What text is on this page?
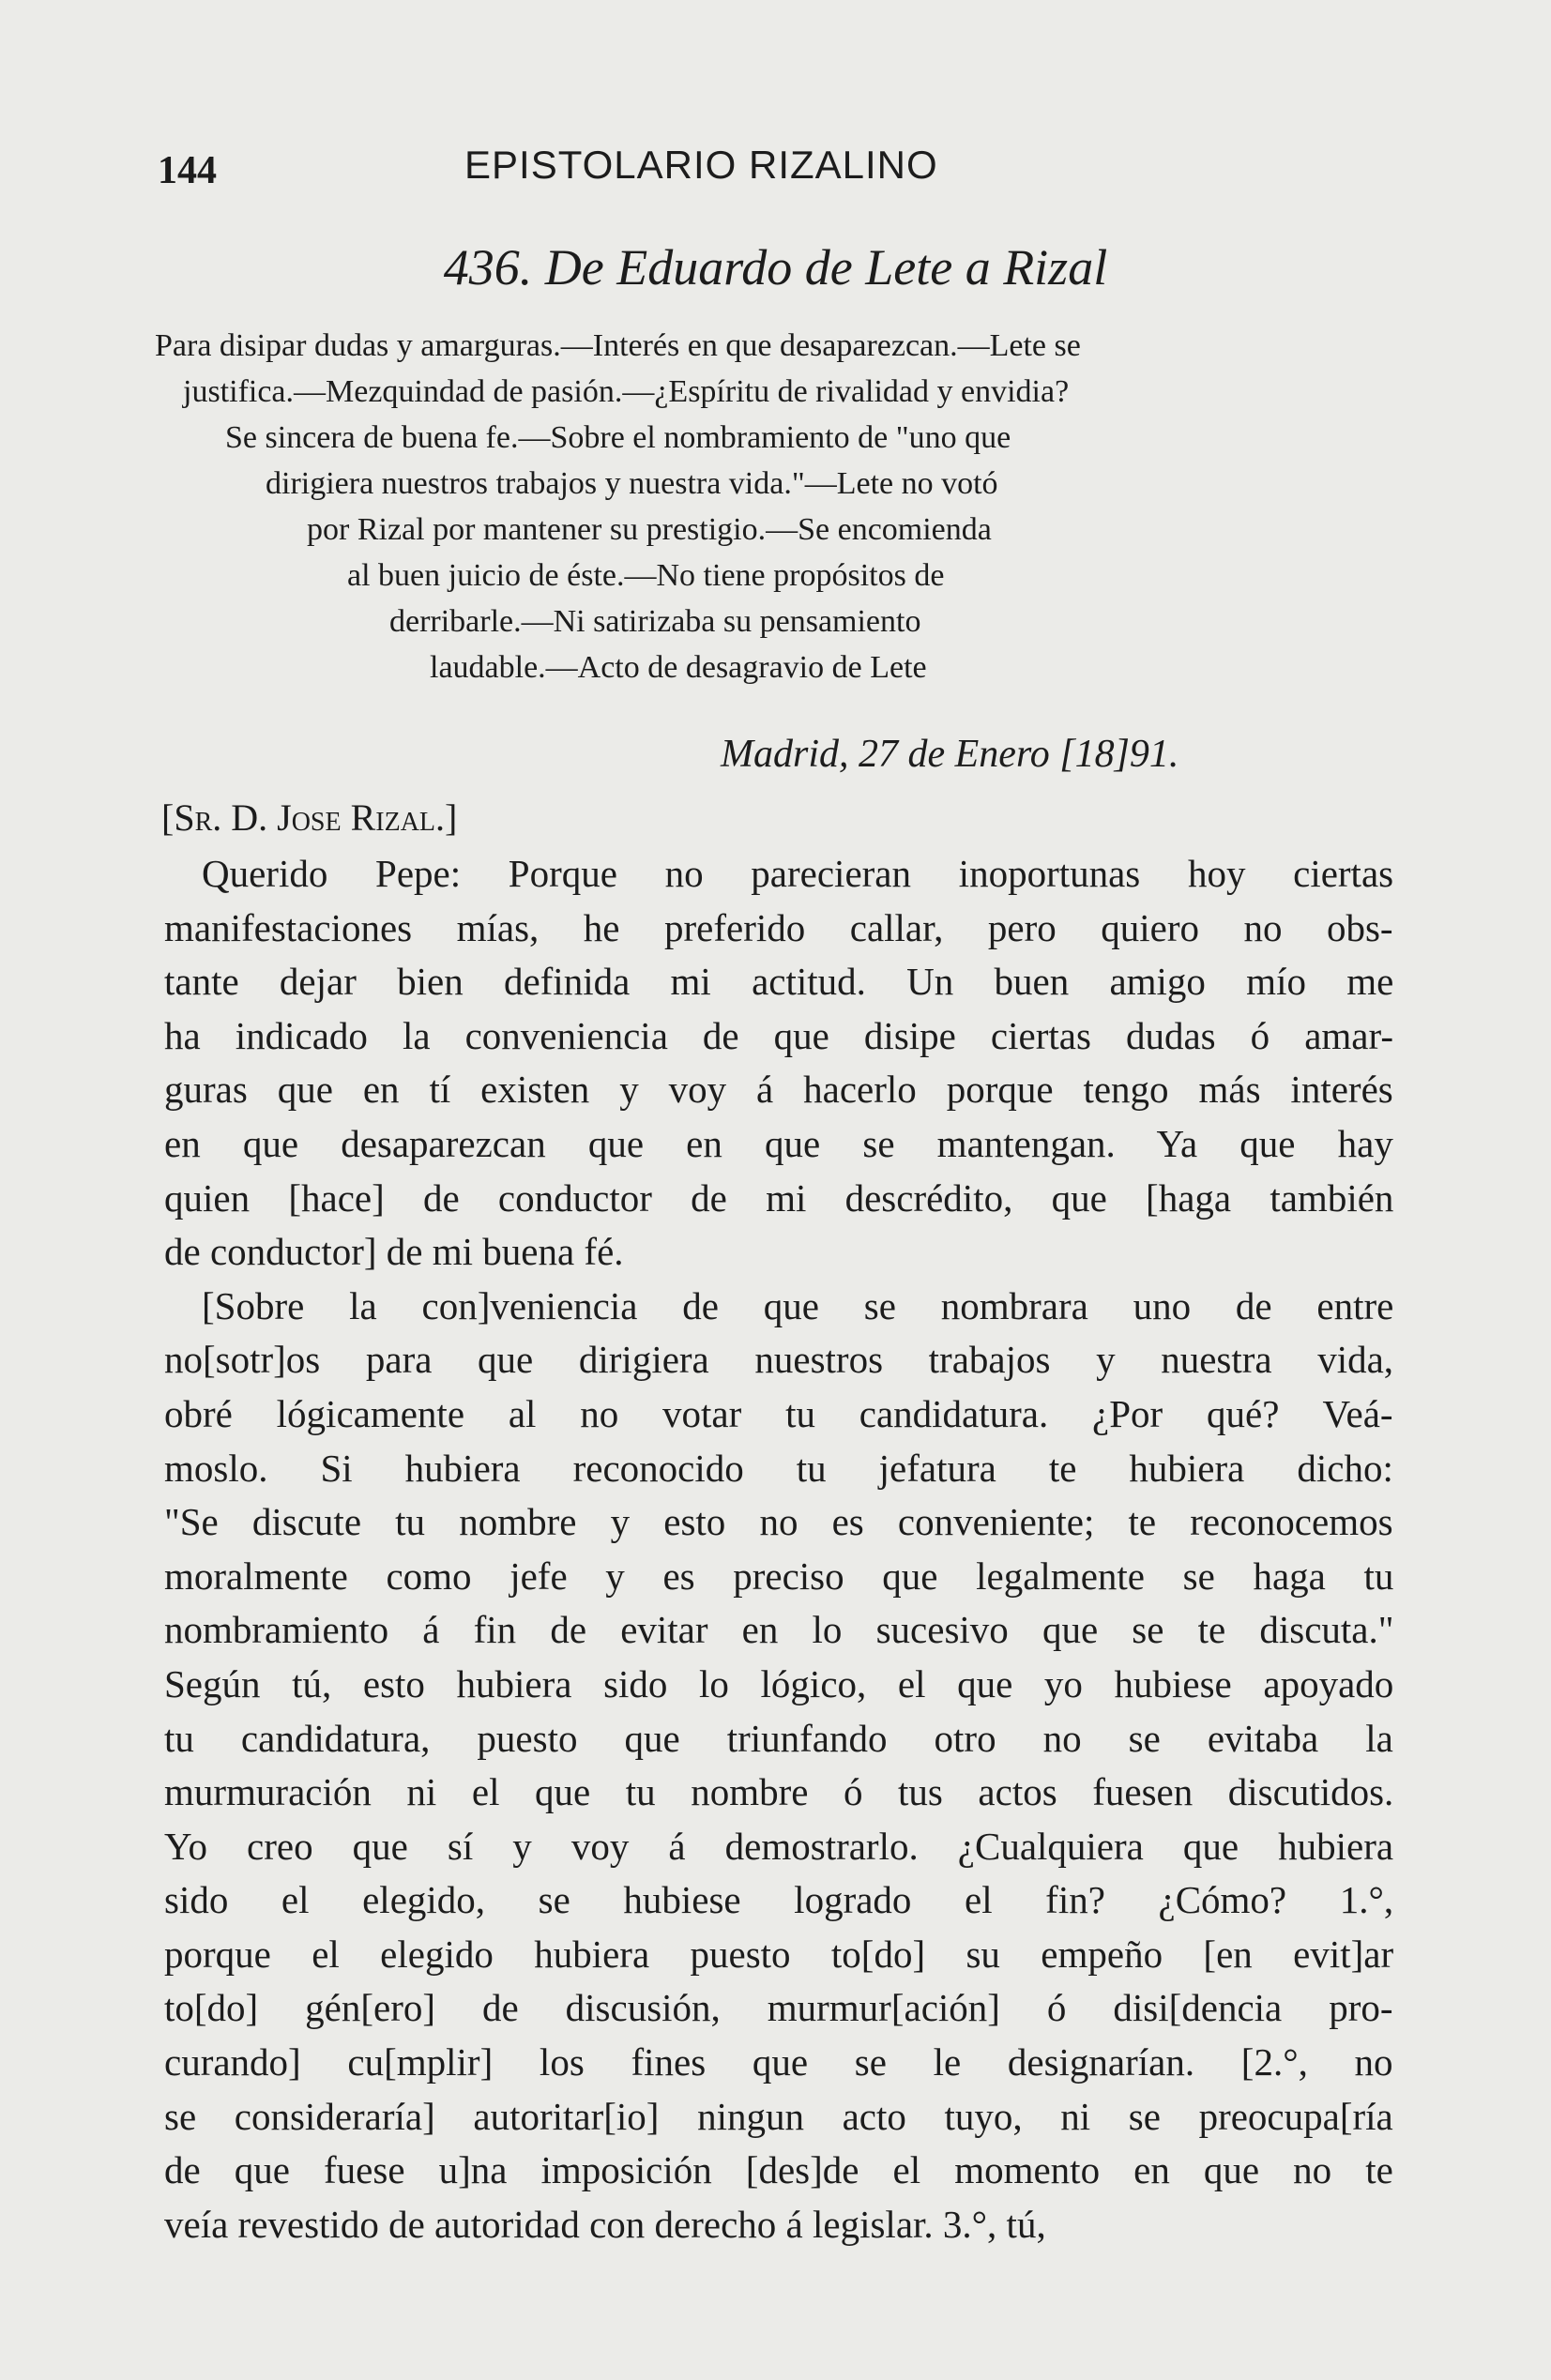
144	EPISTOLARIO RIZALINO
436. De Eduardo de Lete a Rizal
Para disipar dudas y amarguras.—Interés en que desaparezcan.—Lete se
justifica.—Mezquindad de pasión.—¿Espíritu de rivalidad y envidia?
Se sincera de buena fe.—Sobre el nombramiento de "uno que
dirigiera nuestros trabajos y nuestra vida."—Lete no votó
por Rizal por mantener su prestigio.—Se encomienda
al buen juicio de éste.—No tiene propósitos de
derribarle.—Ni satirizaba su pensamiento
laudable.—Acto de desagravio de Lete
Madrid, 27 de Enero [18]91.
[Sr. D. Jose Rizal.]
Querido Pepe: Porque no parecieran inoportunas hoy ciertas
manifestaciones mías, he preferido callar, pero quiero no obs-
tante dejar bien definida mi actitud. Un buen amigo mío me
ha indicado la conveniencia de que disipe ciertas dudas ó amar-
guras que en tí existen y voy á hacerlo porque tengo más interés
en que desaparezcan que en que se mantengan. Ya que hay
quien [hace] de conductor de mi descrédito, que [haga también
de conductor] de mi buena fé.
[Sobre la con]veniencia de que se nombrara uno de entre
no[sotr]os para que dirigiera nuestros trabajos y nuestra vida,
obré lógicamente al no votar tu candidatura. ¿Por qué? Veá-
moslo. Si hubiera reconocido tu jefatura te hubiera dicho:
"Se discute tu nombre y esto no es conveniente; te reconocemos
moralmente como jefe y es preciso que legalmente se haga tu
nombramiento á fin de evitar en lo sucesivo que se te discuta."
Según tú, esto hubiera sido lo lógico, el que yo hubiese apoyado
tu candidatura, puesto que triunfando otro no se evitaba la
murmuración ni el que tu nombre ó tus actos fuesen discutidos.
Yo creo que sí y voy á demostrarlo. ¿Cualquiera que hubiera
sido el elegido, se hubiese logrado el fin? ¿Cómo? 1.°,
porque el elegido hubiera puesto to[do] su empeño [en evit]ar
to[do] gén[ero] de discusión, murmur[ación] ó disi[dencia pro-
curando] cu[mplir] los fines que se le designarían. [2.°, no
se consideraría] autoritar[io] ningun acto tuyo, ni se preocupa[ría
de que fuese u]na imposición [des]de el momento en que no te
veía revestido de autoridad con derecho á legislar. 3.°, tú,
